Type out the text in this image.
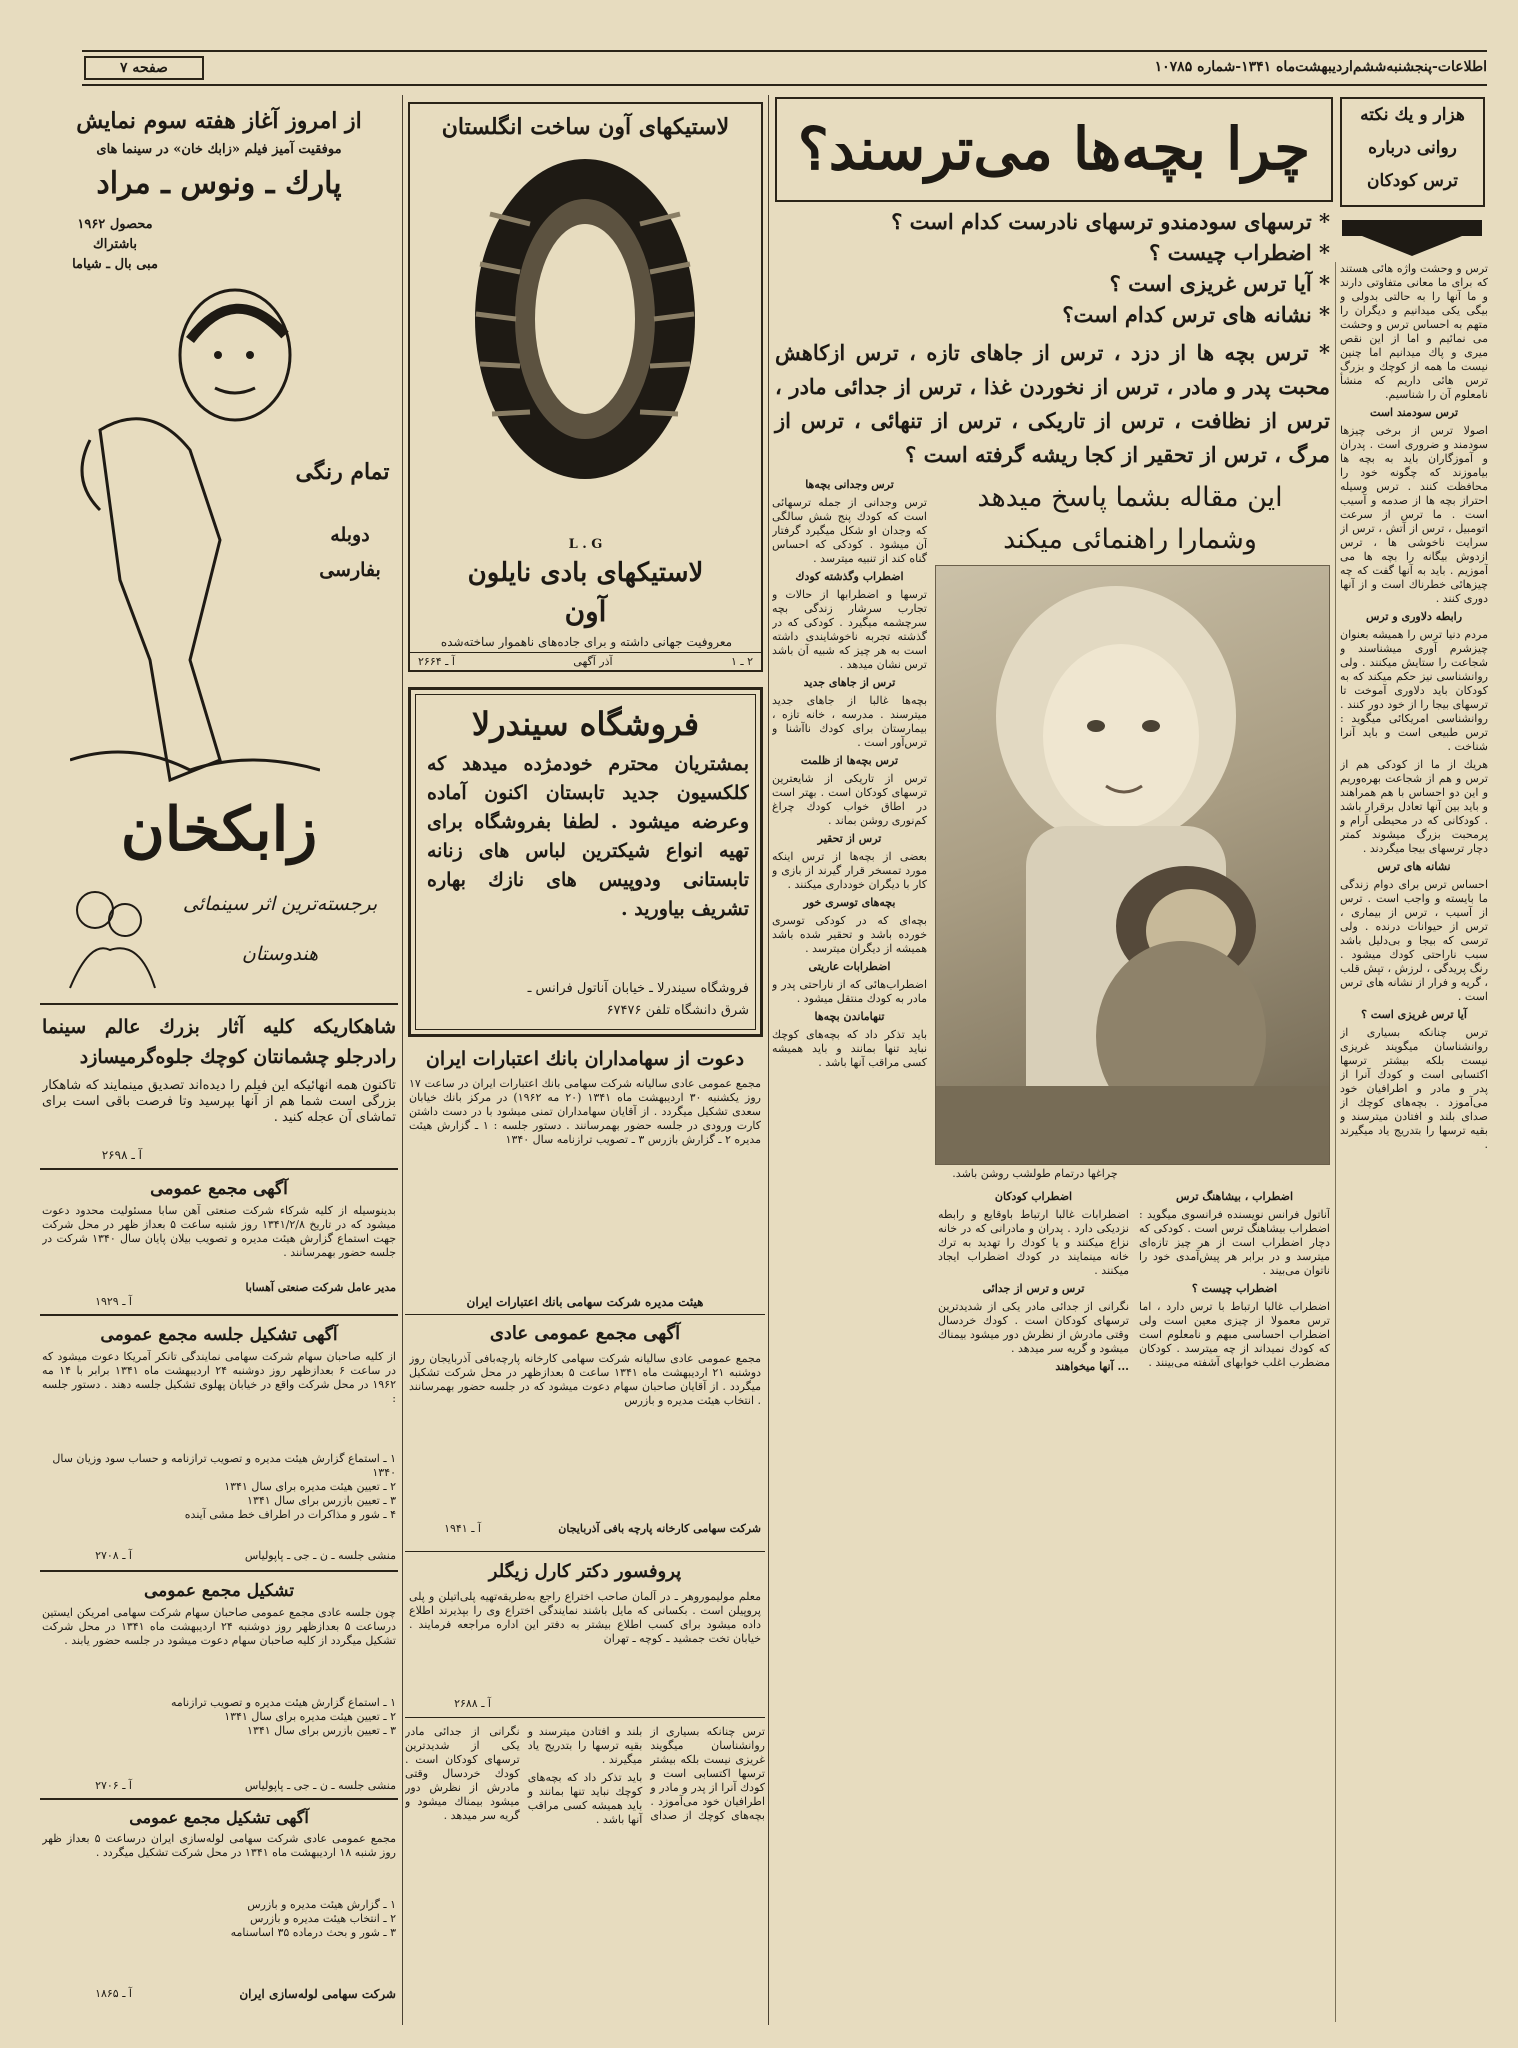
صفحه ۷	اطلاعات-پنجشنبه‌ششم‌اردیبهشت‌ماه ۱۳۴۱-شماره ۱۰۷۸۵
هزار و یك نکته
روانی درباره
ترس کودکان
چرا بچه‌ها می‌ترسند؟
* ترسهای سودمندو ترسهای نادرست کدام است ؟
* اضطراب چیست ؟
* آیا ترس غریزی است ؟
* نشانه های ترس کدام است؟
* ترس بچه ها از دزد ، ترس از جاهای تازه ، ترس ازکاهش محبت پدر و مادر ، ترس از نخوردن غذا ، ترس از جدائی مادر ، ترس از نظافت ، ترس از تاریکی ، ترس از تنهائی ، ترس از مرگ ، ترس از تحقیر از کجا ریشه گرفته است ؟
این مقاله بشما پاسخ میدهد
وشمارا راهنمائی میکند
چراغها درتمام طولشب روشن باشد.

ترس و وحشت واژه هائی هستند که برای ما معانی متفاوتی دارند و ما آنها را به حالتی بدولی و بیگی یکی میدانیم و دیگران را متهم به احساس ترس و وحشت می نمائیم و اما از این نقص میری و پاك میدانیم اما چنین نیست ما همه از کوچك و بزرگ ترس هائی داریم که منشأ نامعلوم آن را شناسیم.

ترس سودمند است

اصولا ترس از برخی چیزها سودمند و ضروری است . پدران و آموزگاران باید به بچه ها بیاموزند که چگونه خود را محافظت کنند . ترس وسیله احتراز بچه ها از صدمه و آسیب است . ما ترس از سرعت اتومبیل ، ترس از آتش ، ترس از سرایت ناخوشی ها ، ترس ازدوش بیگانه را بچه ها می آموزیم . باید به آنها گفت که چه چیزهائی خطرناك است و از آنها دوری کنند .

رابطه دلاوری و ترس

مردم دنیا ترس را همیشه بعنوان چیزشرم آوری میشناسند و شجاعت را ستایش میکنند . ولی روانشناسی نیز حکم میکند که به کودکان باید دلاوری آموخت تا ترسهای بیجا را از خود دور کنند . روانشناسی امریکائی میگوید : ترس طبیعی است و باید آنرا شناخت .

هریك از ما از کودکی هم از ترس و هم از شجاعت بهره‌وریم و این دو احساس با هم همراهند و باید بین آنها تعادل برقرار باشد . کودکانی که در محیطی آرام و پرمحبت بزرگ میشوند کمتر دچار ترسهای بیجا میگردند .

نشانه های ترس

احساس ترس برای دوام زندگی ما بایسته و واجب است . ترس از آسیب ، ترس از بیماری ، ترس از حیوانات درنده . ولی ترسی که بیجا و بی‌دلیل باشد سبب ناراحتی کودك میشود . رنگ پریدگی ، لرزش ، تپش قلب ، گریه و فرار از نشانه های ترس است .

آیا ترس غریزی است ؟

ترس چنانکه بسیاری از روانشناسان میگویند غریزی نیست بلکه بیشتر ترسها اکتسابی است و کودك آنرا از پدر و مادر و اطرافیان خود می‌آموزد . بچه‌های کوچك از صدای بلند و افتادن میترسند و بقیه ترسها را بتدریج یاد میگیرند .

اضطراب ، بیشاهنگ ترس

آناتول فرانس نویسنده فرانسوی میگوید : اضطراب بیشاهنگ ترس است . کودکی که دچار اضطراب است از هر چیز تازه‌ای میترسد و در برابر هر پیش‌آمدی خود را ناتوان می‌بیند .

اضطراب چیست ؟

اضطراب غالبا ارتباط با ترس دارد ، اما ترس معمولا از چیزی معین است ولی اضطراب احساسی مبهم و نامعلوم است که کودك نمیداند از چه میترسد . کودکان مضطرب اغلب خوابهای آشفته می‌بینند .

اضطراب کودکان

اضطرابات غالبا ارتباط باوقایع و رابطه نزدیکی دارد . پدران و مادرانی که در خانه نزاع میکنند و یا کودك را تهدید به ترك خانه مینمایند در کودك اضطراب ایجاد میکنند .

ترس و ترس از جدائی

نگرانی از جدائی مادر یکی از شدیدترین ترسهای کودکان است . کودك خردسال وقتی مادرش از نظرش دور میشود بیمناك میشود و گریه سر میدهد .

... آنها میخواهند

ترس وجدانی بچه‌ها

ترس وجدانی از جمله ترسهائی است که کودك پنج شش سالگی که وجدان او شکل میگیرد گرفتار آن میشود . کودکی که احساس گناه کند از تنبیه میترسد .

اضطراب وگذشته کودك

ترسها و اضطرابها از حالات و تجارب سرشار زندگی بچه سرچشمه میگیرد . کودکی که در گذشته تجربه ناخوشایندی داشته است به هر چیز که شبیه آن باشد ترس نشان میدهد .

ترس از جاهای جدید

بچه‌ها غالبا از جاهای جدید میترسند . مدرسه ، خانه تازه ، بیمارستان برای کودك ناآشنا و ترس‌آور است .

ترس بچه‌ها از ظلمت

ترس از تاریکی از شایعترین ترسهای کودکان است . بهتر است در اطاق خواب کودك چراغ کم‌نوری روشن بماند .

ترس از تحقیر

بعضی از بچه‌ها از ترس اینکه مورد تمسخر قرار گیرند از بازی و کار با دیگران خودداری میکنند .

بچه‌های توسری خور

بچه‌ای که در کودکی توسری خورده باشد و تحقیر شده باشد همیشه از دیگران میترسد .

اضطرابات عاریتی

اضطراب‌هائی که از ناراحتی پدر و مادر به کودك منتقل میشود .

تنهاماندن بچه‌ها

باید تذکر داد که بچه‌های کوچك نباید تنها بمانند و باید همیشه کسی مراقب آنها باشد .

لاستیکهای آون ساخت انگلستان
L . G
لاستیکهای بادی نایلون
آون
معروفیت جهانی داشته و برای جاده‌های ناهموار ساخته‌شده
۲ ـ ۱
آذر آگهی
آ ـ ۲۶۶۴
فروشگاه سیندرلا
بمشتریان محترم خودمژده میدهد که کلکسیون جدید تابستان اکنون آماده وعرضه میشود . لطفا بفروشگاه برای تهیه انواع شیکترین لباس های زنانه تابستانی ودوپیس های نازك بهاره تشریف بیاورید .
فروشگاه سیندرلا ـ خیابان آناتول فرانس ـ
شرق دانشگاه تلفن ۶۷۴۷۶
دعوت از سهامداران بانك اعتبارات ایران
مجمع عمومی عادی سالیانه شرکت سهامی بانك اعتبارات ایران در ساعت ۱۷ روز یکشنبه ۳۰ اردیبهشت ماه ۱۳۴۱ (۲۰ مه ۱۹۶۲) در مرکز بانك خیابان سعدی تشکیل میگردد . از آقایان سهامداران تمنی میشود با در دست داشتن کارت ورودی در جلسه حضور بهمرسانند . دستور جلسه : ۱ ـ گزارش هیئت مدیره ۲ ـ گزارش بازرس ۳ ـ تصویب ترازنامه سال ۱۳۴۰
هیئت مدیره شرکت سهامی بانك اعتبارات ایران
آگهی مجمع عمومی عادی
مجمع عمومی عادی سالیانه شرکت سهامی کارخانه پارچه‌بافی آذربایجان روز دوشنبه ۲۱ اردیبهشت ماه ۱۳۴۱ ساعت ۵ بعدازظهر در محل شرکت تشکیل میگردد . از آقایان صاحبان سهام دعوت میشود که در جلسه حضور بهمرسانند . انتخاب هیئت مدیره و بازرس
شرکت سهامی کارخانه پارچه بافی آذربایجان
آ ـ ۱۹۴۱
پروفسور دکتر کارل زیگلر
معلم مولیموروهر ـ در آلمان صاحب اختراع راجع به‌طریقه‌تهیه پلی‌اتیلن و پلی پروپیلن است . بکسانی که مایل باشند نمایندگی اختراع وی را بپذیرند اطلاع داده میشود برای کسب اطلاع بیشتر به دفتر این اداره مراجعه فرمایند . خیابان تخت جمشید ـ کوچه ـ تهران
آ ـ ۲۶۸۸

ترس چنانکه بسیاری از روانشناسان میگویند غریزی نیست بلکه بیشتر ترسها اکتسابی است و کودك آنرا از پدر و مادر و اطرافیان خود می‌آموزد . بچه‌های کوچك از صدای بلند و افتادن میترسند و بقیه ترسها را بتدریج یاد میگیرند .

باید تذکر داد که بچه‌های کوچك نباید تنها بمانند و باید همیشه کسی مراقب آنها باشد .

نگرانی از جدائی مادر یکی از شدیدترین ترسهای کودکان است . کودك خردسال وقتی مادرش از نظرش دور میشود بیمناك میشود و گریه سر میدهد .

از امروز آغاز هفته سوم نمایش
موفقیت آمیز فیلم «زابك خان» در سینما های
پارك ـ ونوس ـ مراد
محصول ۱۹۶۲
باشتراك
مبی بال ـ شیاما
تمام رنگی
دوبله
بفارسی
زابکخان
برجسته‌ترین اثر سینمائی
هندوستان
شاهکاریکه کلیه آثار بزرك عالم سینما رادرجلو چشمانتان کوچك جلوه‌گرمیسازد
تاکنون همه آنهائیکه این فیلم را دیده‌اند تصدیق مینمایند که شاهکار بزرگی است شما هم از آنها بپرسید وتا فرصت باقی است برای تماشای آن عجله کنید .
آ ـ ۲۶۹۸
آگهی مجمع عمومی
بدینوسیله از کلیه شرکاء شرکت صنعتی آهن سابا مسئولیت محدود دعوت میشود که در تاریخ ۱۳۴۱/۲/۸ روز شنبه ساعت ۵ بعداز ظهر در محل شرکت جهت استماع گزارش هیئت مدیره و تصویب بیلان پایان سال ۱۳۴۰ شرکت در جلسه حضور بهمرسانند .
مدیر عامل شرکت صنعتی آهسابا
آ ـ ۱۹۲۹
آگهی تشکیل جلسه مجمع عمومی
از کلیه صاحبان سهام شرکت سهامی نمایندگی تانکر آمریکا دعوت میشود که در ساعت ۶ بعدازظهر روز دوشنبه ۲۴ اردیبهشت ماه ۱۳۴۱ برابر با ۱۴ مه ۱۹۶۲ در محل شرکت واقع در خیابان پهلوی تشکیل جلسه دهند . دستور جلسه :
۱ ـ استماع گزارش هیئت مدیره و تصویب ترازنامه و حساب سود وزیان سال ۱۳۴۰
۲ ـ تعیین هیئت مدیره برای سال ۱۳۴۱
۳ ـ تعیین بازرس برای سال ۱۳۴۱
۴ ـ شور و مذاکرات در اطراف خط مشی آینده
منشی جلسه ـ ن ـ جی ـ پاپولیاس
آ ـ ۲۷۰۸
تشکیل مجمع عمومی
چون جلسه عادی مجمع عمومی صاحبان سهام شرکت سهامی امریکن ایستین درساعت ۵ بعدازظهر روز دوشنبه ۲۴ اردیبهشت ماه ۱۳۴۱ در محل شرکت تشکیل میگردد از کلیه صاحبان سهام دعوت میشود در جلسه حضور یابند .
۱ ـ استماع گزارش هیئت مدیره و تصویب ترازنامه
۲ ـ تعیین هیئت مدیره برای سال ۱۳۴۱
۳ ـ تعیین بازرس برای سال ۱۳۴۱
منشی جلسه ـ ن ـ جی ـ پاپولیاس
آ ـ ۲۷۰۶
آگهی تشکیل مجمع عمومی
مجمع عمومی عادی شرکت سهامی لوله‌سازی ایران درساعت ۵ بعداز ظهر روز شنبه ۱۸ اردیبهشت ماه ۱۳۴۱ در محل شرکت تشکیل میگردد .
۱ ـ گزارش هیئت مدیره و بازرس
۲ ـ انتخاب هیئت مدیره و بازرس
۳ ـ شور و بحث درماده ۳۵ اساسنامه
شرکت سهامی لوله‌سازی ایران
آ ـ ۱۸۶۵
